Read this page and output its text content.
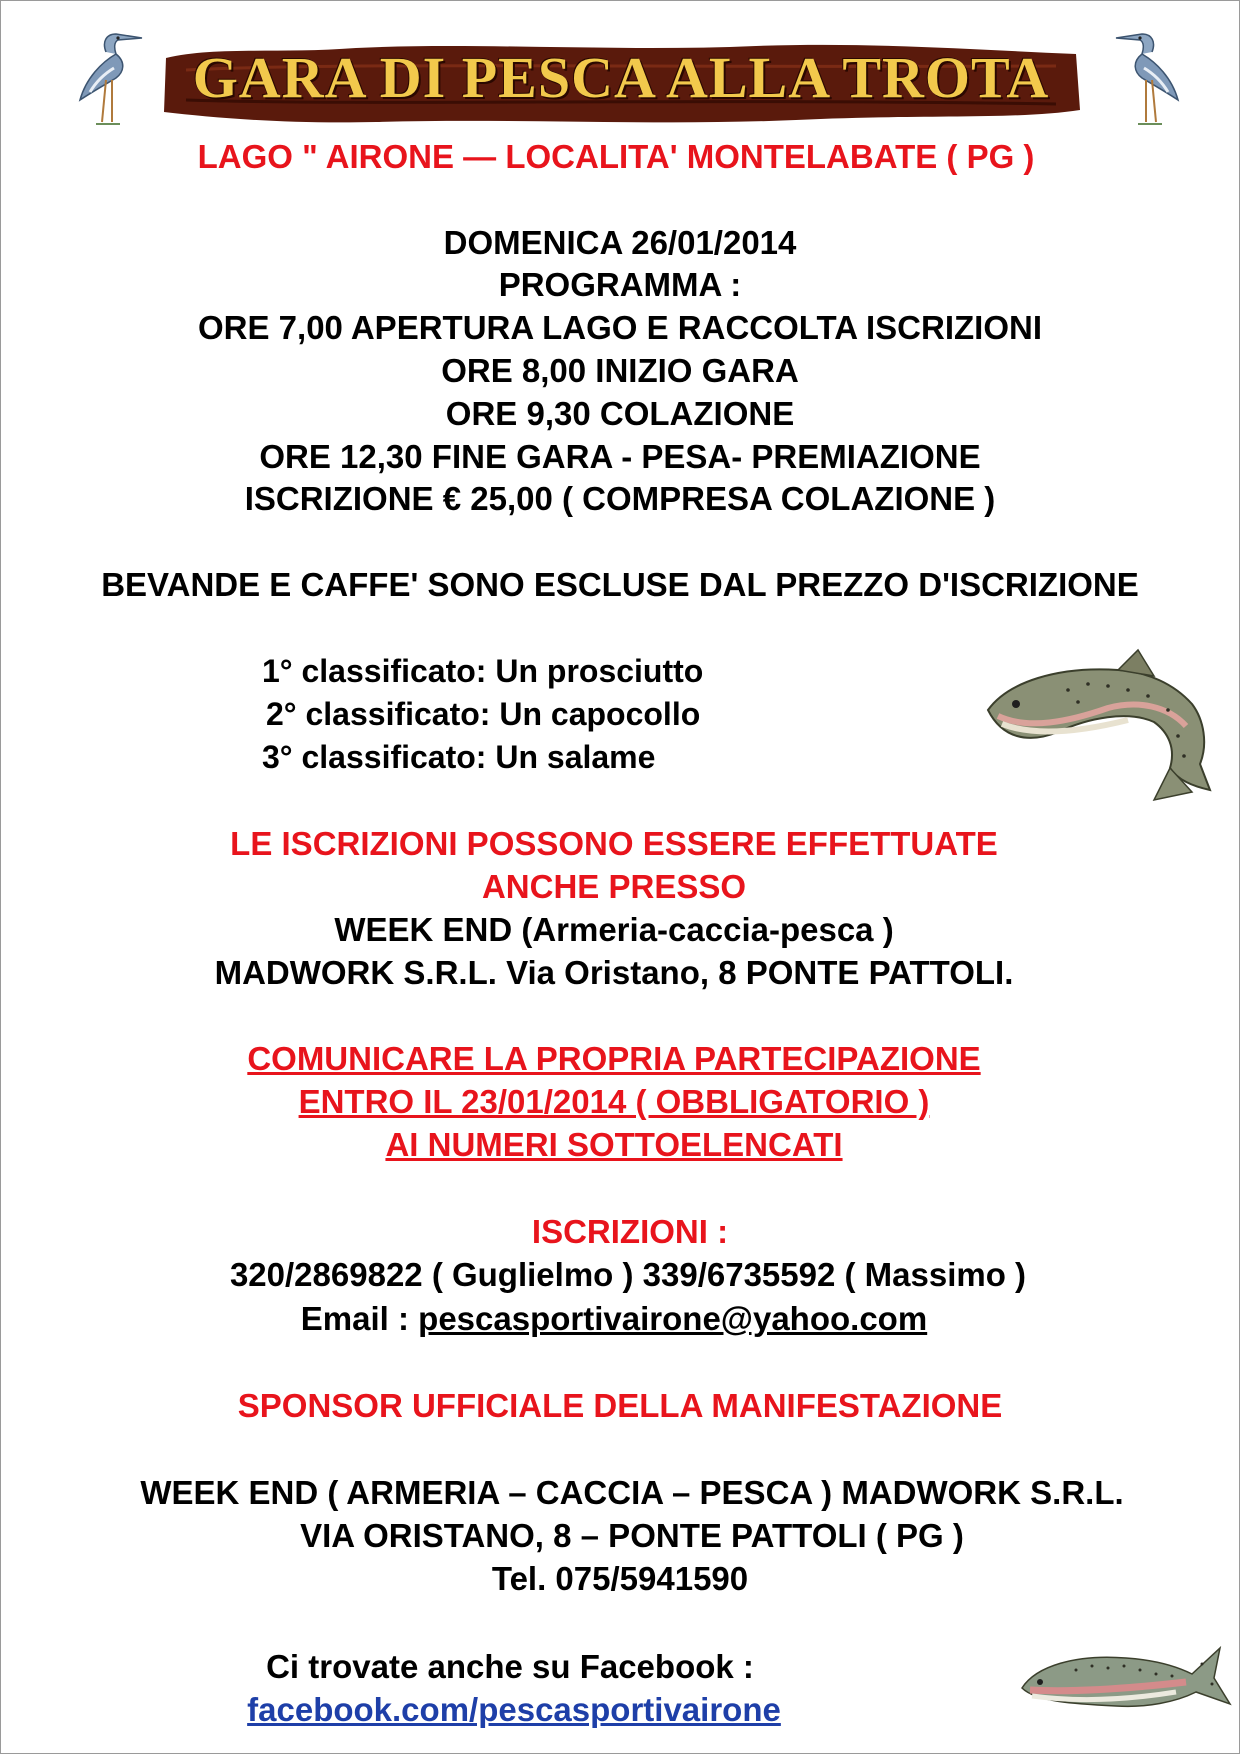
GARA DI PESCA ALLA TROTA
LAGO " AIRONE — LOCALITA' MONTELABATE ( PG )
DOMENICA 26/01/2014
PROGRAMMA :
ORE 7,00 APERTURA LAGO E RACCOLTA ISCRIZIONI
ORE 8,00 INIZIO GARA
ORE 9,30 COLAZIONE
ORE 12,30 FINE GARA - PESA- PREMIAZIONE
ISCRIZIONE € 25,00 ( COMPRESA COLAZIONE )
BEVANDE E CAFFE' SONO ESCLUSE DAL PREZZO D'ISCRIZIONE
1° classificato: Un prosciutto
2° classificato: Un capocollo
3° classificato: Un salame
LE ISCRIZIONI POSSONO ESSERE EFFETTUATE
ANCHE PRESSO
WEEK END (Armeria-caccia-pesca )
MADWORK S.R.L. Via Oristano, 8 PONTE PATTOLI.
COMUNICARE LA PROPRIA PARTECIPAZIONE
ENTRO IL 23/01/2014 ( OBBLIGATORIO )
AI NUMERI SOTTOELENCATI
ISCRIZIONI :
320/2869822 ( Guglielmo ) 339/6735592 ( Massimo )
Email : pescasportivairone@yahoo.com
SPONSOR UFFICIALE DELLA MANIFESTAZIONE
WEEK END ( ARMERIA – CACCIA – PESCA ) MADWORK S.R.L.
VIA ORISTANO, 8 – PONTE PATTOLI ( PG )
Tel. 075/5941590
Ci trovate anche su Facebook :
facebook.com/pescasportivairone
